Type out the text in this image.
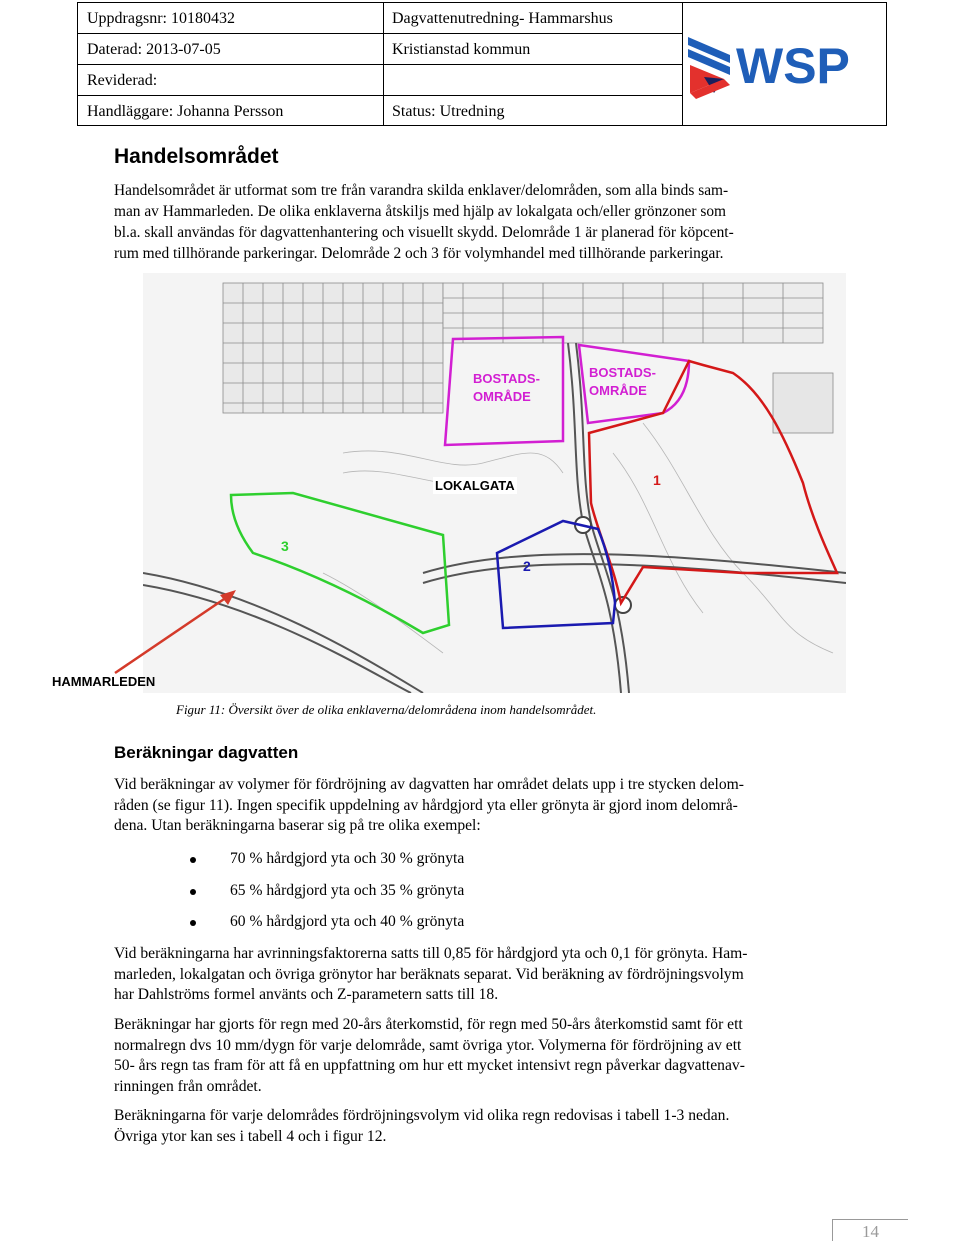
Uppdragsnr: 10180432
Daterad: 2013-07-05
Reviderad:
Handläggare: Johanna Persson
Dagvattenutredning- Hammarshus
Kristianstad kommun
Status: Utredning
WSP
Handelsområdet
Handelsområdet är utformat som tre från varandra skilda enklaver/delområden, som alla binds sam-
man av Hammarleden. De olika enklaverna åtskiljs med hjälp av lokalgata och/eller grönzoner som
bl.a. skall användas för dagvattenhantering och visuellt skydd. Delområde 1 är planerad för köpcent-
rum med tillhörande parkeringar. Delområde 2 och 3 för volymhandel med tillhörande parkeringar.
BOSTADS-
OMRÅDE
BOSTADS-
OMRÅDE
1
2
3
LOKALGATA
HAMMARLEDEN
Figur 11: Översikt över de olika enklaverna/delområdena inom handelsområdet.
Beräkningar dagvatten
Vid beräkningar av volymer för fördröjning av dagvatten har området delats upp i tre stycken delom-
råden (se figur 11). Ingen specifik uppdelning av hårdgjord yta eller grönyta är gjord inom delområ-
dena. Utan beräkningarna baserar sig på tre olika exempel:
70 % hårdgjord yta och 30 % grönyta
65 % hårdgjord yta och 35 % grönyta
60 % hårdgjord yta och 40 % grönyta
Vid beräkningarna har avrinningsfaktorerna satts till 0,85 för hårdgjord yta och 0,1 för grönyta. Ham-
marleden, lokalgatan och övriga grönytor har beräknats separat. Vid beräkning av fördröjningsvolym
har Dahlströms formel använts och Z-parametern satts till 18.
Beräkningar har gjorts för regn med 20-års återkomstid, för regn med 50-års återkomstid samt för ett
normalregn dvs 10 mm/dygn för varje delområde, samt övriga ytor. Volymerna för fördröjning av ett
50- års regn tas fram för att få en uppfattning om hur ett mycket intensivt regn påverkar dagvattenav-
rinningen från området.
Beräkningarna för varje delområdes fördröjningsvolym vid olika regn redovisas i tabell 1-3 nedan.
Övriga ytor kan ses i tabell 4 och i figur 12.
14
